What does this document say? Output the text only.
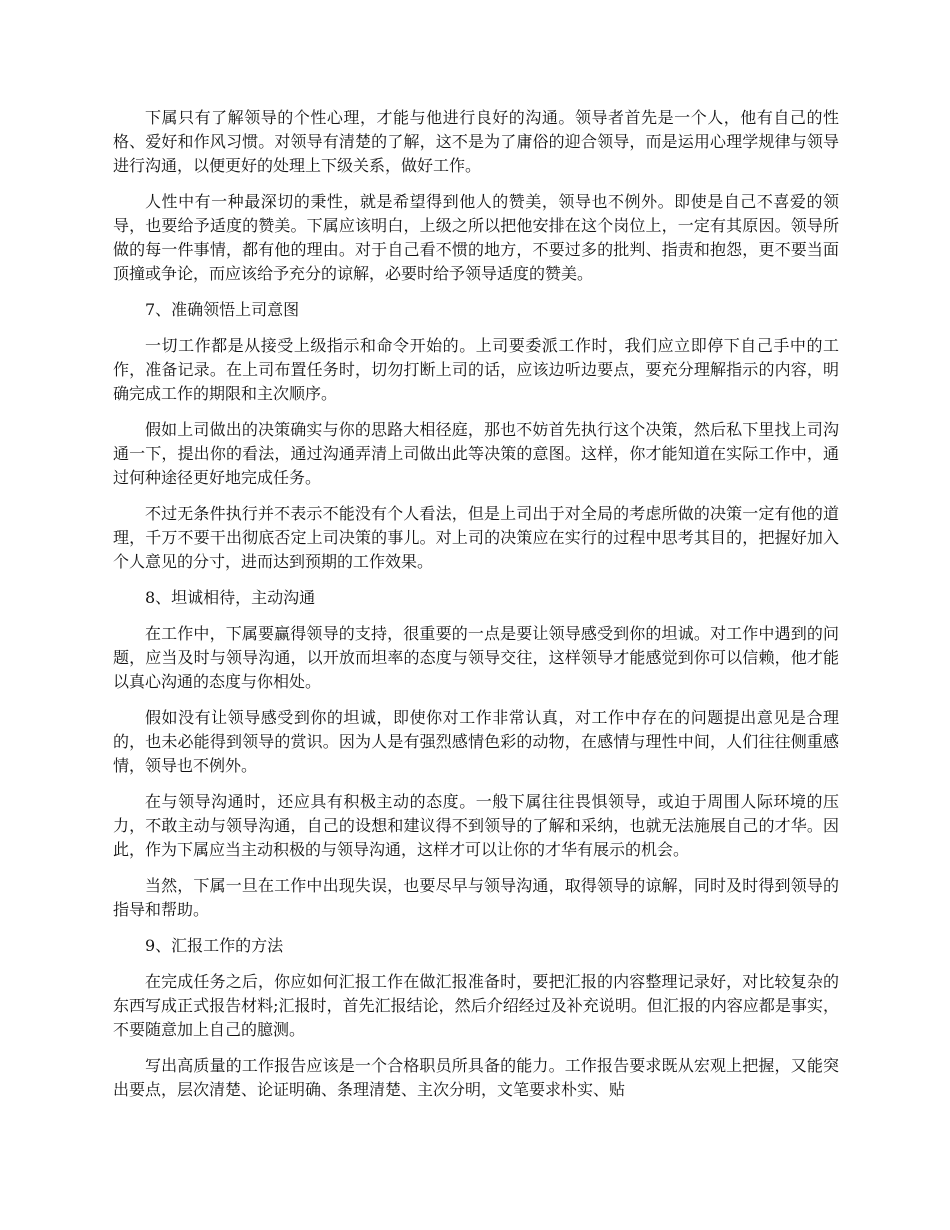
下属只有了解领导的个性心理，才能与他进行良好的沟通。领导者首先是一个人，他有自己的性格、爱好和作风习惯。对领导有清楚的了解，这不是为了庸俗的迎合领导，而是运用心理学规律与领导进行沟通，以便更好的处理上下级关系，做好工作。

人性中有一种最深切的秉性，就是希望得到他人的赞美，领导也不例外。即使是自己不喜爱的领导，也要给予适度的赞美。下属应该明白，上级之所以把他安排在这个岗位上，一定有其原因。领导所做的每一件事情，都有他的理由。对于自己看不惯的地方，不要过多的批判、指责和抱怨，更不要当面顶撞或争论，而应该给予充分的谅解，必要时给予领导适度的赞美。

7、准确领悟上司意图

一切工作都是从接受上级指示和命令开始的。上司要委派工作时，我们应立即停下自己手中的工作，准备记录。在上司布置任务时，切勿打断上司的话，应该边听边要点，要充分理解指示的内容，明确完成工作的期限和主次顺序。

假如上司做出的决策确实与你的思路大相径庭，那也不妨首先执行这个决策，然后私下里找上司沟通一下，提出你的看法，通过沟通弄清上司做出此等决策的意图。这样，你才能知道在实际工作中，通过何种途径更好地完成任务。

不过无条件执行并不表示不能没有个人看法，但是上司出于对全局的考虑所做的决策一定有他的道理，千万不要干出彻底否定上司决策的事儿。对上司的决策应在实行的过程中思考其目的，把握好加入个人意见的分寸，进而达到预期的工作效果。

8、坦诚相待，主动沟通

在工作中，下属要赢得领导的支持，很重要的一点是要让领导感受到你的坦诚。对工作中遇到的问题，应当及时与领导沟通，以开放而坦率的态度与领导交往，这样领导才能感觉到你可以信赖，他才能以真心沟通的态度与你相处。

假如没有让领导感受到你的坦诚，即使你对工作非常认真，对工作中存在的问题提出意见是合理的，也未必能得到领导的赏识。因为人是有强烈感情色彩的动物，在感情与理性中间，人们往往侧重感情，领导也不例外。

在与领导沟通时，还应具有积极主动的态度。一般下属往往畏惧领导，或迫于周围人际环境的压力，不敢主动与领导沟通，自己的设想和建议得不到领导的了解和采纳，也就无法施展自己的才华。因此，作为下属应当主动积极的与领导沟通，这样才可以让你的才华有展示的机会。

当然，下属一旦在工作中出现失误，也要尽早与领导沟通，取得领导的谅解，同时及时得到领导的指导和帮助。

9、汇报工作的方法

在完成任务之后，你应如何汇报工作在做汇报准备时，要把汇报的内容整理记录好，对比较复杂的东西写成正式报告材料;汇报时，首先汇报结论，然后介绍经过及补充说明。但汇报的内容应都是事实，不要随意加上自己的臆测。

写出高质量的工作报告应该是一个合格职员所具备的能力。工作报告要求既从宏观上把握，又能突出要点，层次清楚、论证明确、条理清楚、主次分明，文笔要求朴实、贴
